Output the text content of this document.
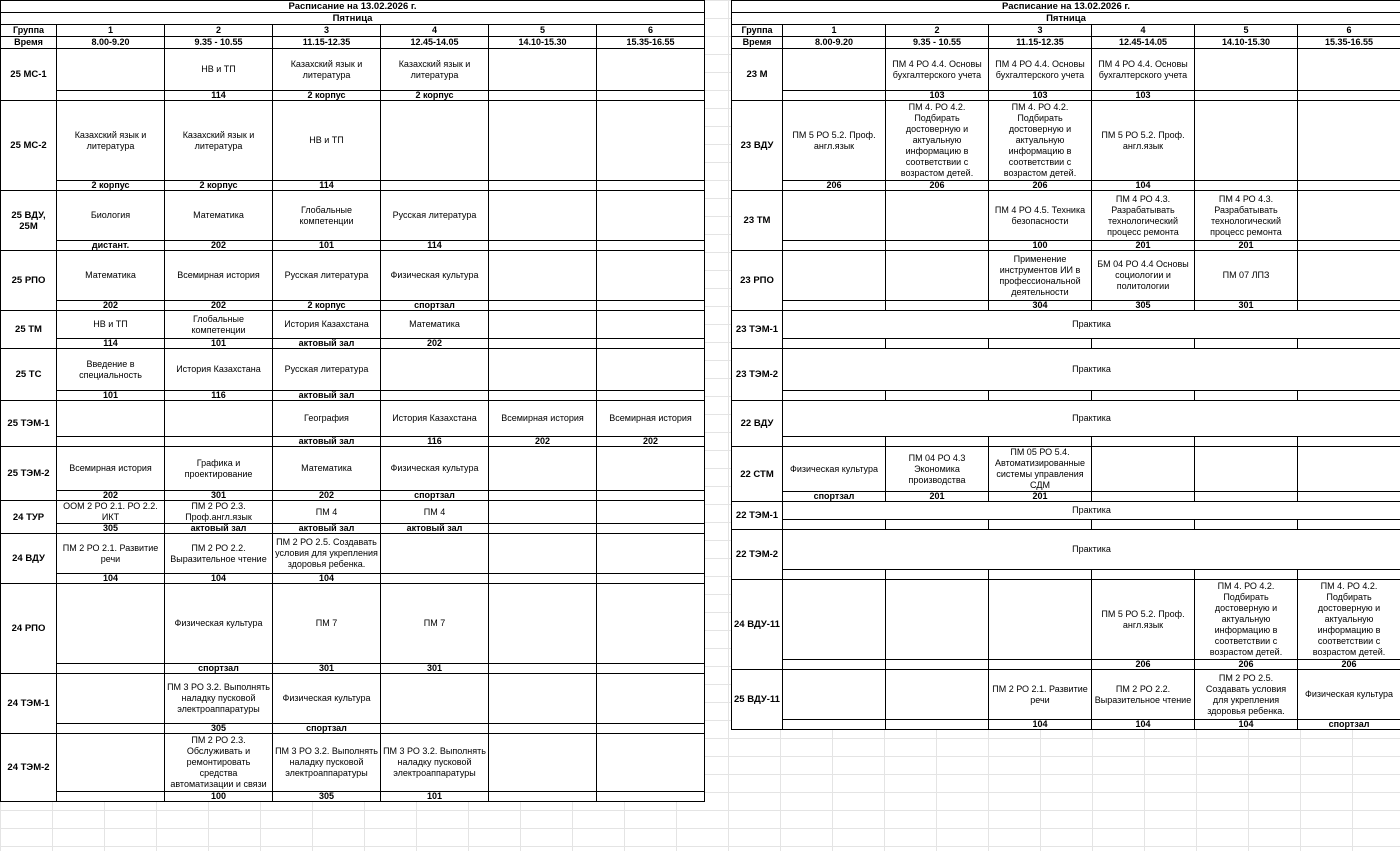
Расписание на 13.02.2026 г.						
Пятница						
Группа	1	2	3	4	5	6
Время	8.00-9.20	9.35 - 10.55	11.15-12.35	12.45-14.05	14.10-15.30	15.35-16.55
25 МС-1		НВ и ТП	Казахский язык и литература	Казахский язык и литература		
		114	2 корпус	2 корпус		
25 МС-2	Казахский язык и литература	Казахский язык и литература	НВ и ТП			
	2 корпус	2 корпус	114			
25 ВДУ, 25М	Биология	Математика	Глобальные компетенции	Русская литература		
	дистант.	202	101	114		
25 РПО	Математика	Всемирная история	Русская литература	Физическая культура		
	202	202	2 корпус	спортзал		
25 ТМ	НВ и ТП	Глобальные компетенции	История Казахстана	Математика		
	114	101	актовый зал	202		
25 ТС	Введение в специальность	История Казахстана	Русская литература			
	101	116	актовый зал			
25 ТЭМ-1			География	История Казахстана	Всемирная история	Всемирная история
			актовый зал	116	202	202
25 ТЭМ-2	Всемирная история	Графика и проектирование	Математика	Физическая культура		
	202	301	202	спортзал		
24 ТУР	ООМ 2 РО 2.1. РО 2.2. ИКТ	ПМ 2 РО 2.3. Проф.англ.язык	ПМ 4	ПМ 4		
	305	актовый зал	актовый зал	актовый зал		
24 ВДУ	ПМ 2 РО 2.1. Развитие речи	ПМ 2 РО 2.2. Выразительное чтение	ПМ 2 РО 2.5. Создавать условия для укрепления здоровья ребенка.			
	104	104	104			
24 РПО		Физическая культура	ПМ 7	ПМ 7		
		спортзал	301	301		
24 ТЭМ-1		ПМ 3 РО 3.2. Выполнять наладку пусковой электроаппаратуры	Физическая культура			
		305	спортзал			
24 ТЭМ-2		ПМ 2 РО 2.3. Обслуживать и ремонтировать средства автоматизации и связи	ПМ 3 РО 3.2. Выполнять наладку пусковой электроаппаратуры	ПМ 3 РО 3.2. Выполнять наладку пусковой электроаппаратуры		
		100	305	101		
Расписание на 13.02.2026 г.						
Пятница						
Группа	1	2	3	4	5	6
Время	8.00-9.20	9.35 - 10.55	11.15-12.35	12.45-14.05	14.10-15.30	15.35-16.55
23 М		ПМ 4 РО 4.4. Основы бухгалтерского учета	ПМ 4 РО 4.4. Основы бухгалтерского учета	ПМ 4 РО 4.4. Основы бухгалтерского учета		
		103	103	103		
23 ВДУ	ПМ 5 РО 5.2. Проф. англ.язык	ПМ 4. РО 4.2. Подбирать достоверную и актуальную информацию в соответствии с возрастом детей.	ПМ 4. РО 4.2. Подбирать достоверную и актуальную информацию в соответствии с возрастом детей.	ПМ 5 РО 5.2. Проф. англ.язык		
	206	206	206	104		
23 ТМ			ПМ 4 РО 4.5. Техника безопасности	ПМ 4 РО 4.3. Разрабатывать технологический процесс ремонта	ПМ 4 РО 4.3. Разрабатывать технологический процесс ремонта	
			100	201	201	
23 РПО			Применение инструментов ИИ в профессиональной деятельности	БМ 04 РО 4.4 Основы социологии и политологии	ПМ 07 ЛПЗ	
			304	305	301	
23 ТЭМ-1	Практика					

23 ТЭМ-2	Практика					

22 ВДУ	Практика					

22 СТМ	Физическая культура	ПМ 04 РО 4.3 Экономика производства	ПМ 05 РО 5.4. Автоматизированные системы управления СДМ			
	спортзал	201	201			
22 ТЭМ-1	Практика					

22 ТЭМ-2	Практика					

24 ВДУ-11				ПМ 5 РО 5.2. Проф. англ.язык	ПМ 4. РО 4.2. Подбирать достоверную и актуальную информацию в соответствии с возрастом детей.	ПМ 4. РО 4.2. Подбирать достоверную и актуальную информацию в соответствии с возрастом детей.
				206	206	206
25 ВДУ-11			ПМ 2 РО 2.1. Развитие речи	ПМ 2 РО 2.2. Выразительное чтение	ПМ 2 РО 2.5. Создавать условия для укрепления здоровья ребенка.	Физическая культура
			104	104	104	спортзал
